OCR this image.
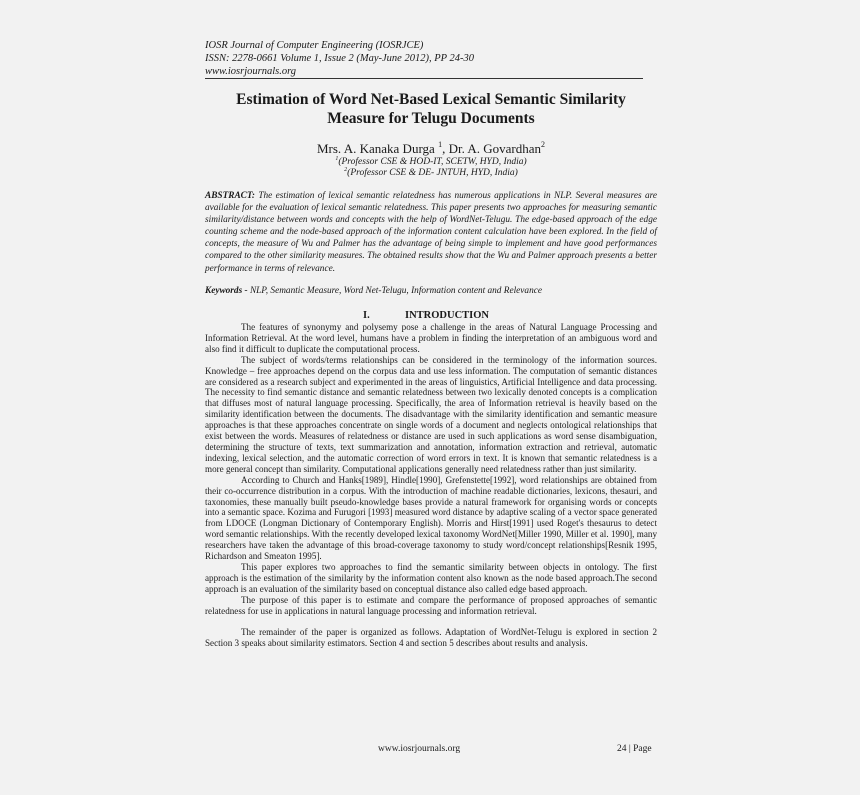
IOSR Journal of Computer Engineering (IOSRJCE)
ISSN: 2278-0661 Volume 1, Issue 2 (May-June 2012), PP 24-30
www.iosrjournals.org
Estimation of Word Net-Based Lexical Semantic Similarity
Measure for Telugu Documents
Mrs. A. Kanaka Durga $^1$, Dr. A. Govardhan$^2$
$^1$(Professor CSE & HOD-IT, SCETW, HYD, India)
$^2$(Professor CSE & DE- JNTUH, HYD, India)
ABSTRACT: The estimation of lexical semantic relatedness has numerous applications in NLP. Several measures are available for the evaluation of lexical semantic relatedness. This paper presents two approaches for measuring semantic similarity/distance between words and concepts with the help of WordNet-Telugu. The edge-based approach of the edge counting scheme and the node-based approach of the information content calculation have been explored. In the field of concepts, the measure of Wu and Palmer has the advantage of being simple to implement and have good performances compared to the other similarity measures. The obtained results show that the Wu and Palmer approach presents a better performance in terms of relevance.
Keywords - NLP, Semantic Measure, Word Net-Telugu, Information content and Relevance
I.	INTRODUCTION

The features of synonymy and polysemy pose a challenge in the areas of Natural Language Processing and Information Retrieval. At the word level, humans have a problem in finding the interpretation of an ambiguous word and also find it difficult to duplicate the computational process.

The subject of words/terms relationships can be considered in the terminology of the information sources. Knowledge – free approaches depend on the corpus data and use less information. The computation of semantic distances are considered as a research subject and experimented in the areas of linguistics, Artificial Intelligence and data processing. The necessity to find semantic distance and semantic relatedness between two lexically denoted concepts is a complication that diffuses most of natural language processing. Specifically, the area of Information retrieval is heavily based on the similarity identification between the documents. The disadvantage with the similarity identification and semantic measure approaches is that these approaches concentrate on single words of a document and neglects ontological relationships that exist between the words. Measures of relatedness or distance are used in such applications as word sense disambiguation, determining the structure of texts, text summarization and annotation, information extraction and retrieval, automatic indexing, lexical selection, and the automatic correction of word errors in text. It is known that semantic relatedness is a more general concept than similarity. Computational applications generally need relatedness rather than just similarity.

According to Church and Hanks[1989], Hindle[1990], Grefenstette[1992], word relationships are obtained from their co-occurrence distribution in a corpus. With the introduction of machine readable dictionaries, lexicons, thesauri, and taxonomies, these manually built pseudo-knowledge bases provide a natural framework for organising words or concepts into a semantic space. Kozima and Furugori [1993] measured word distance by adaptive scaling of a vector space generated from LDOCE (Longman Dictionary of Contemporary English). Morris and Hirst[1991] used Roget's thesaurus to detect word semantic relationships. With the recently developed lexical taxonomy WordNet[Miller 1990, Miller et al. 1990], many researchers have taken the advantage of this broad-coverage taxonomy to study word/concept relationships[Resnik 1995, Richardson and Smeaton 1995].

This paper explores two approaches to find the semantic similarity between objects in ontology. The first approach is the estimation of the similarity by the information content also known as the node based approach.The second approach is an evaluation of the similarity based on conceptual distance also called edge based approach.

The purpose of this paper is to estimate and compare the performance of proposed approaches of semantic relatedness for use in applications in natural language processing and information retrieval.

The remainder of the paper is organized as follows. Adaptation of WordNet-Telugu is explored in section 2 Section 3 speaks about similarity estimators. Section 4 and section 5 describes about results and analysis.

www.iosrjournals.org	24 | Page
